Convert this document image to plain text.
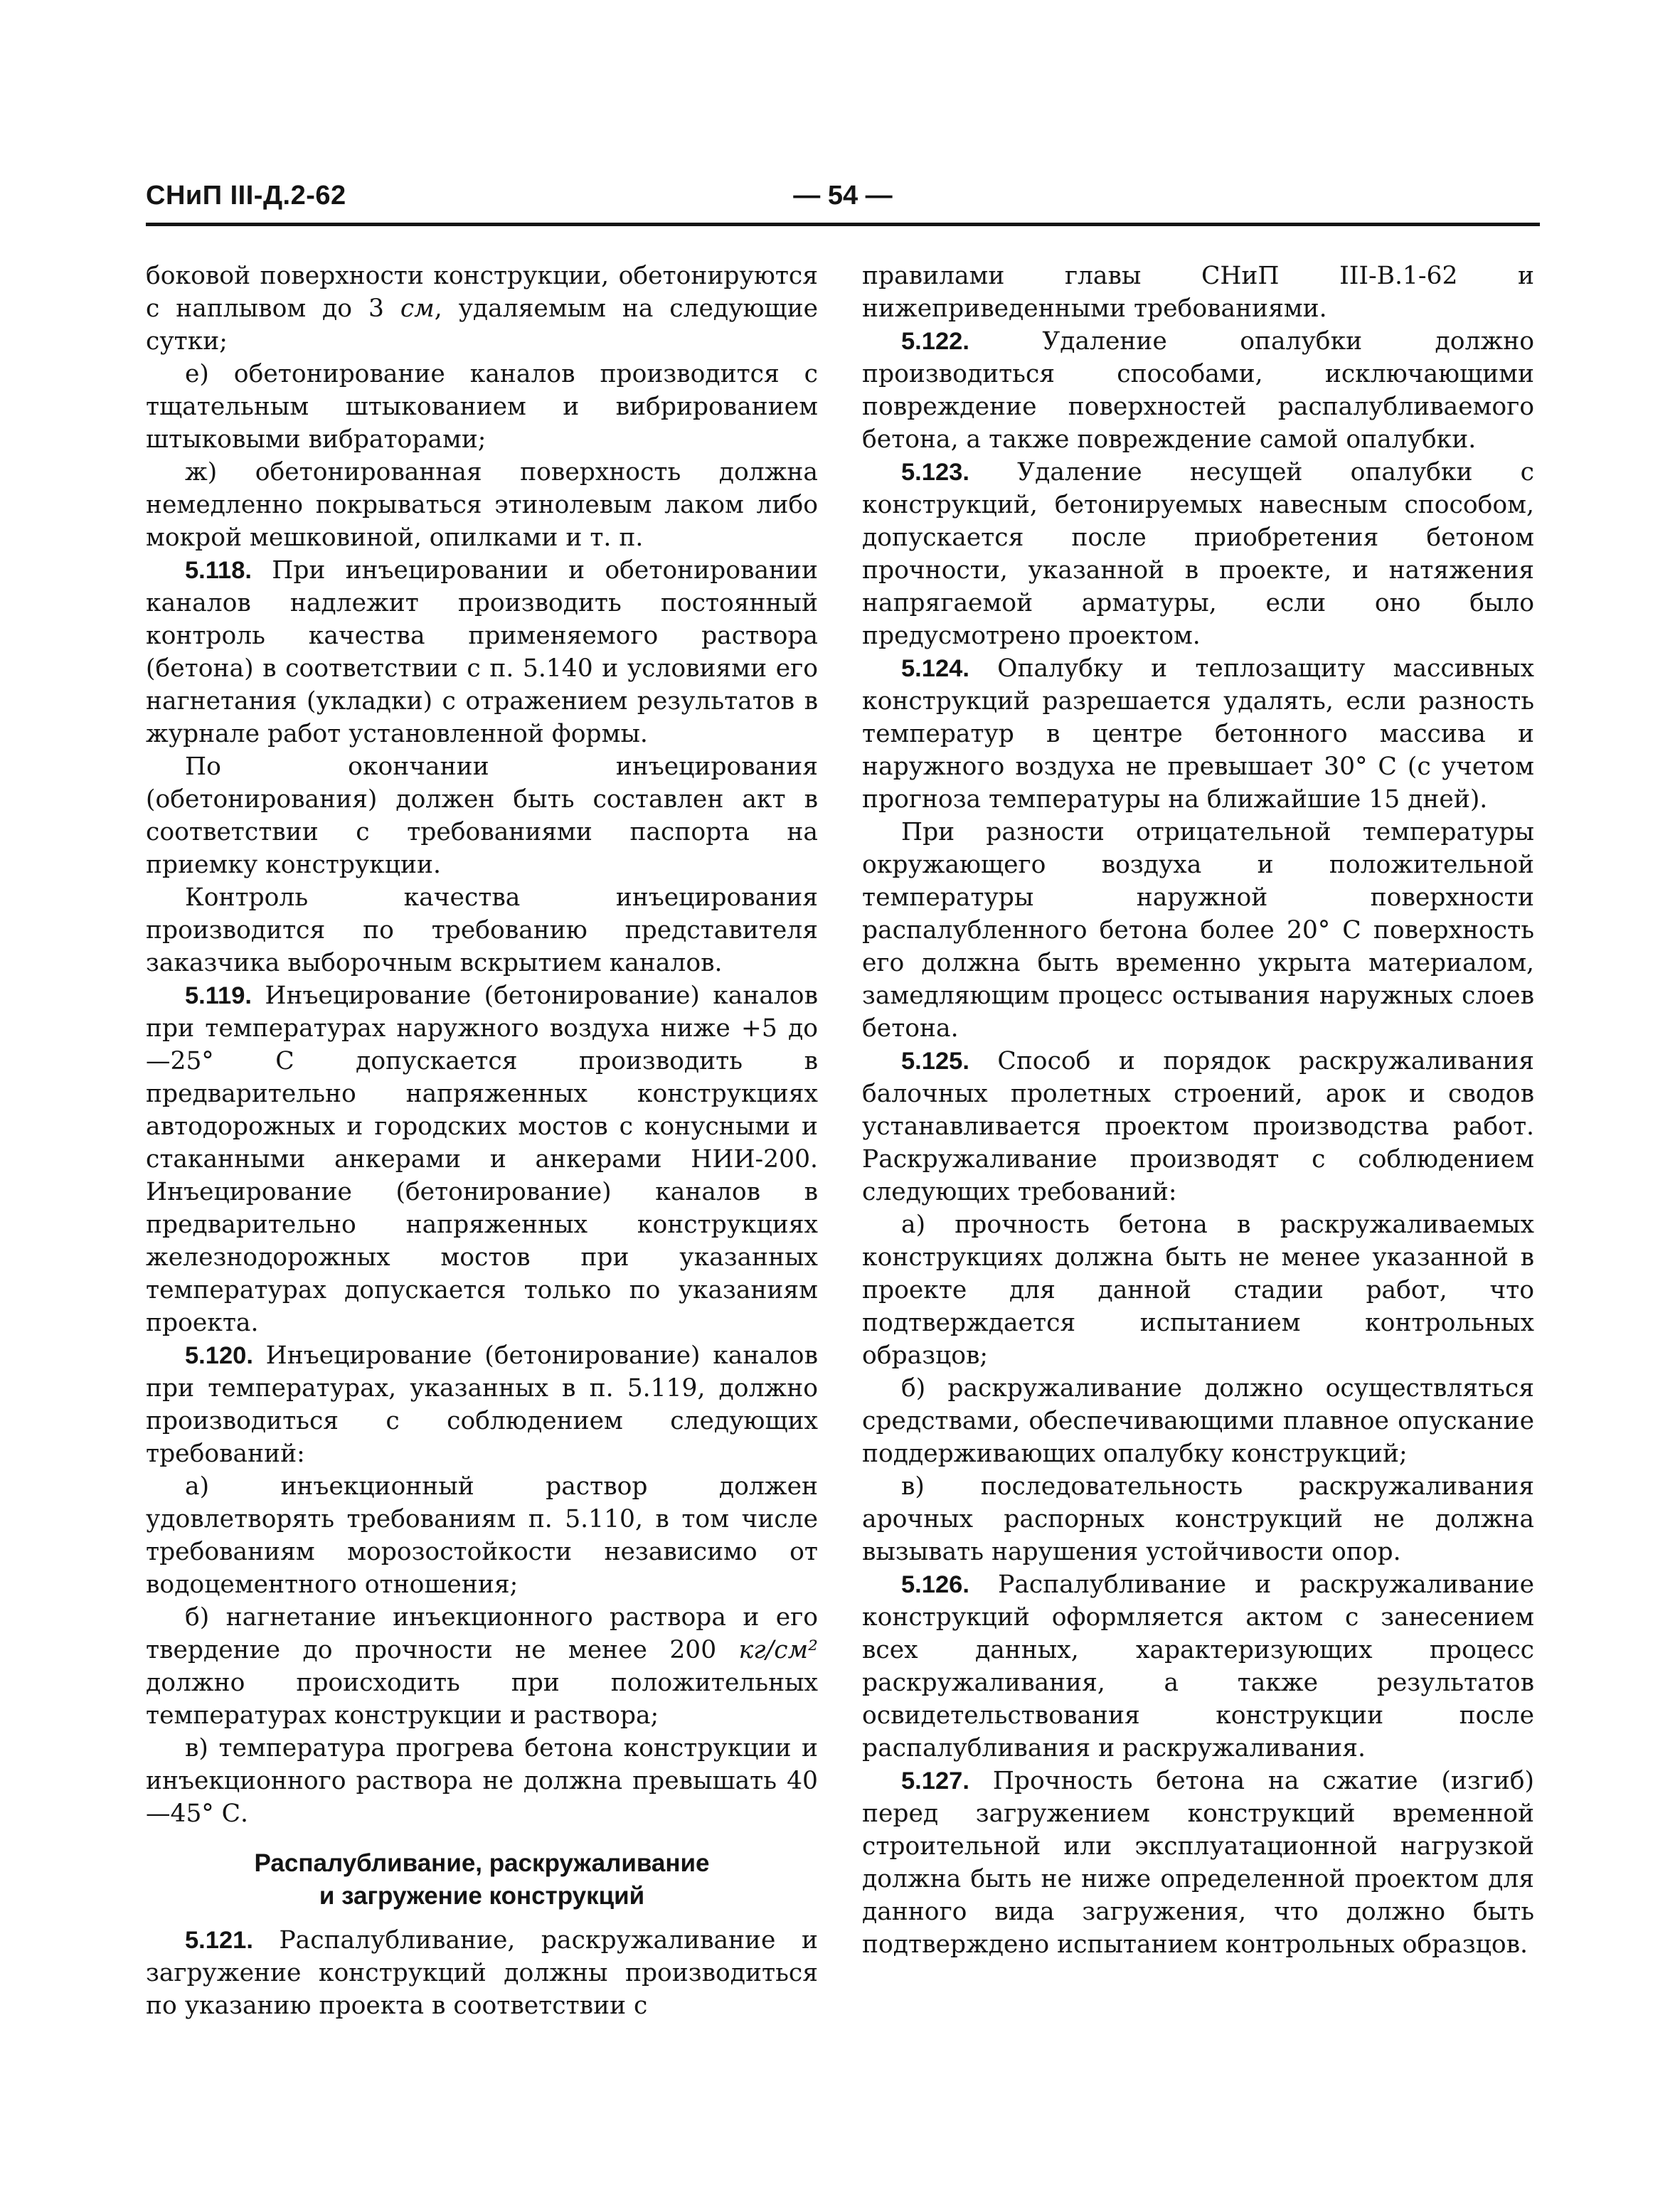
СНиП III-Д.2-62	— 54 —

боковой поверхности конструкции, обетонируются с наплывом до 3 см, удаляемым на следующие сутки;

е) обетонирование каналов производится с тщательным штыкованием и вибрированием штыковыми вибраторами;

ж) обетонированная поверхность должна немедленно покрываться этинолевым лаком либо мокрой мешковиной, опилками и т. п.

5.118. При инъецировании и обетонировании каналов надлежит производить постоянный контроль качества применяемого раствора (бетона) в соответствии с п. 5.140 и условиями его нагнетания (укладки) с отражением результатов в журнале работ установленной формы.

По окончании инъецирования (обетонирования) должен быть составлен акт в соответствии с требованиями паспорта на приемку конструкции.

Контроль качества инъецирования производится по требованию представителя заказчика выборочным вскрытием каналов.

5.119. Инъецирование (бетонирование) каналов при температурах наружного воздуха ниже +5 до —25° С допускается производить в предварительно напряженных конструкциях автодорожных и городских мостов с конусными и стаканными анкерами и анкерами НИИ-200. Инъецирование (бетонирование) каналов в предварительно напряженных конструкциях железнодорожных мостов при указанных температурах допускается только по указаниям проекта.

5.120. Инъецирование (бетонирование) каналов при температурах, указанных в п. 5.119, должно производиться с соблюдением следующих требований:

а) инъекционный раствор должен удовлетворять требованиям п. 5.110, в том числе требованиям морозостойкости независимо от водоцементного отношения;

б) нагнетание инъекционного раствора и его твердение до прочности не менее 200 кг/см² должно происходить при положительных температурах конструкции и раствора;

в) температура прогрева бетона конструкции и инъекционного раствора не должна превышать 40—45° С.

Распалубливание, раскружаливание
и загружение конструкций

5.121. Распалубливание, раскружаливание и загружение конструкций должны производиться по указанию проекта в соответствии с

правилами главы СНиП III-В.1-62 и нижеприведенными требованиями.

5.122. Удаление опалубки должно производиться способами, исключающими повреждение поверхностей распалубливаемого бетона, а также повреждение самой опалубки.

5.123. Удаление несущей опалубки с конструкций, бетонируемых навесным способом, допускается после приобретения бетоном прочности, указанной в проекте, и натяжения напрягаемой арматуры, если оно было предусмотрено проектом.

5.124. Опалубку и теплозащиту массивных конструкций разрешается удалять, если разность температур в центре бетонного массива и наружного воздуха не превышает 30° С (с учетом прогноза температуры на ближайшие 15 дней).

При разности отрицательной температуры окружающего воздуха и положительной температуры наружной поверхности распалубленного бетона более 20° С поверхность его должна быть временно укрыта материалом, замедляющим процесс остывания наружных слоев бетона.

5.125. Способ и порядок раскружаливания балочных пролетных строений, арок и сводов устанавливается проектом производства работ. Раскружаливание производят с соблюдением следующих требований:

а) прочность бетона в раскружаливаемых конструкциях должна быть не менее указанной в проекте для данной стадии работ, что подтверждается испытанием контрольных образцов;

б) раскружаливание должно осуществляться средствами, обеспечивающими плавное опускание поддерживающих опалубку конструкций;

в) последовательность раскружаливания арочных распорных конструкций не должна вызывать нарушения устойчивости опор.

5.126. Распалубливание и раскружаливание конструкций оформляется актом с занесением всех данных, характеризующих процесс раскружаливания, а также результатов освидетельствования конструкции после распалубливания и раскружаливания.

5.127. Прочность бетона на сжатие (изгиб) перед загружением конструкций временной строительной или эксплуатационной нагрузкой должна быть не ниже определенной проектом для данного вида загружения, что должно быть подтверждено испытанием контрольных образцов.
